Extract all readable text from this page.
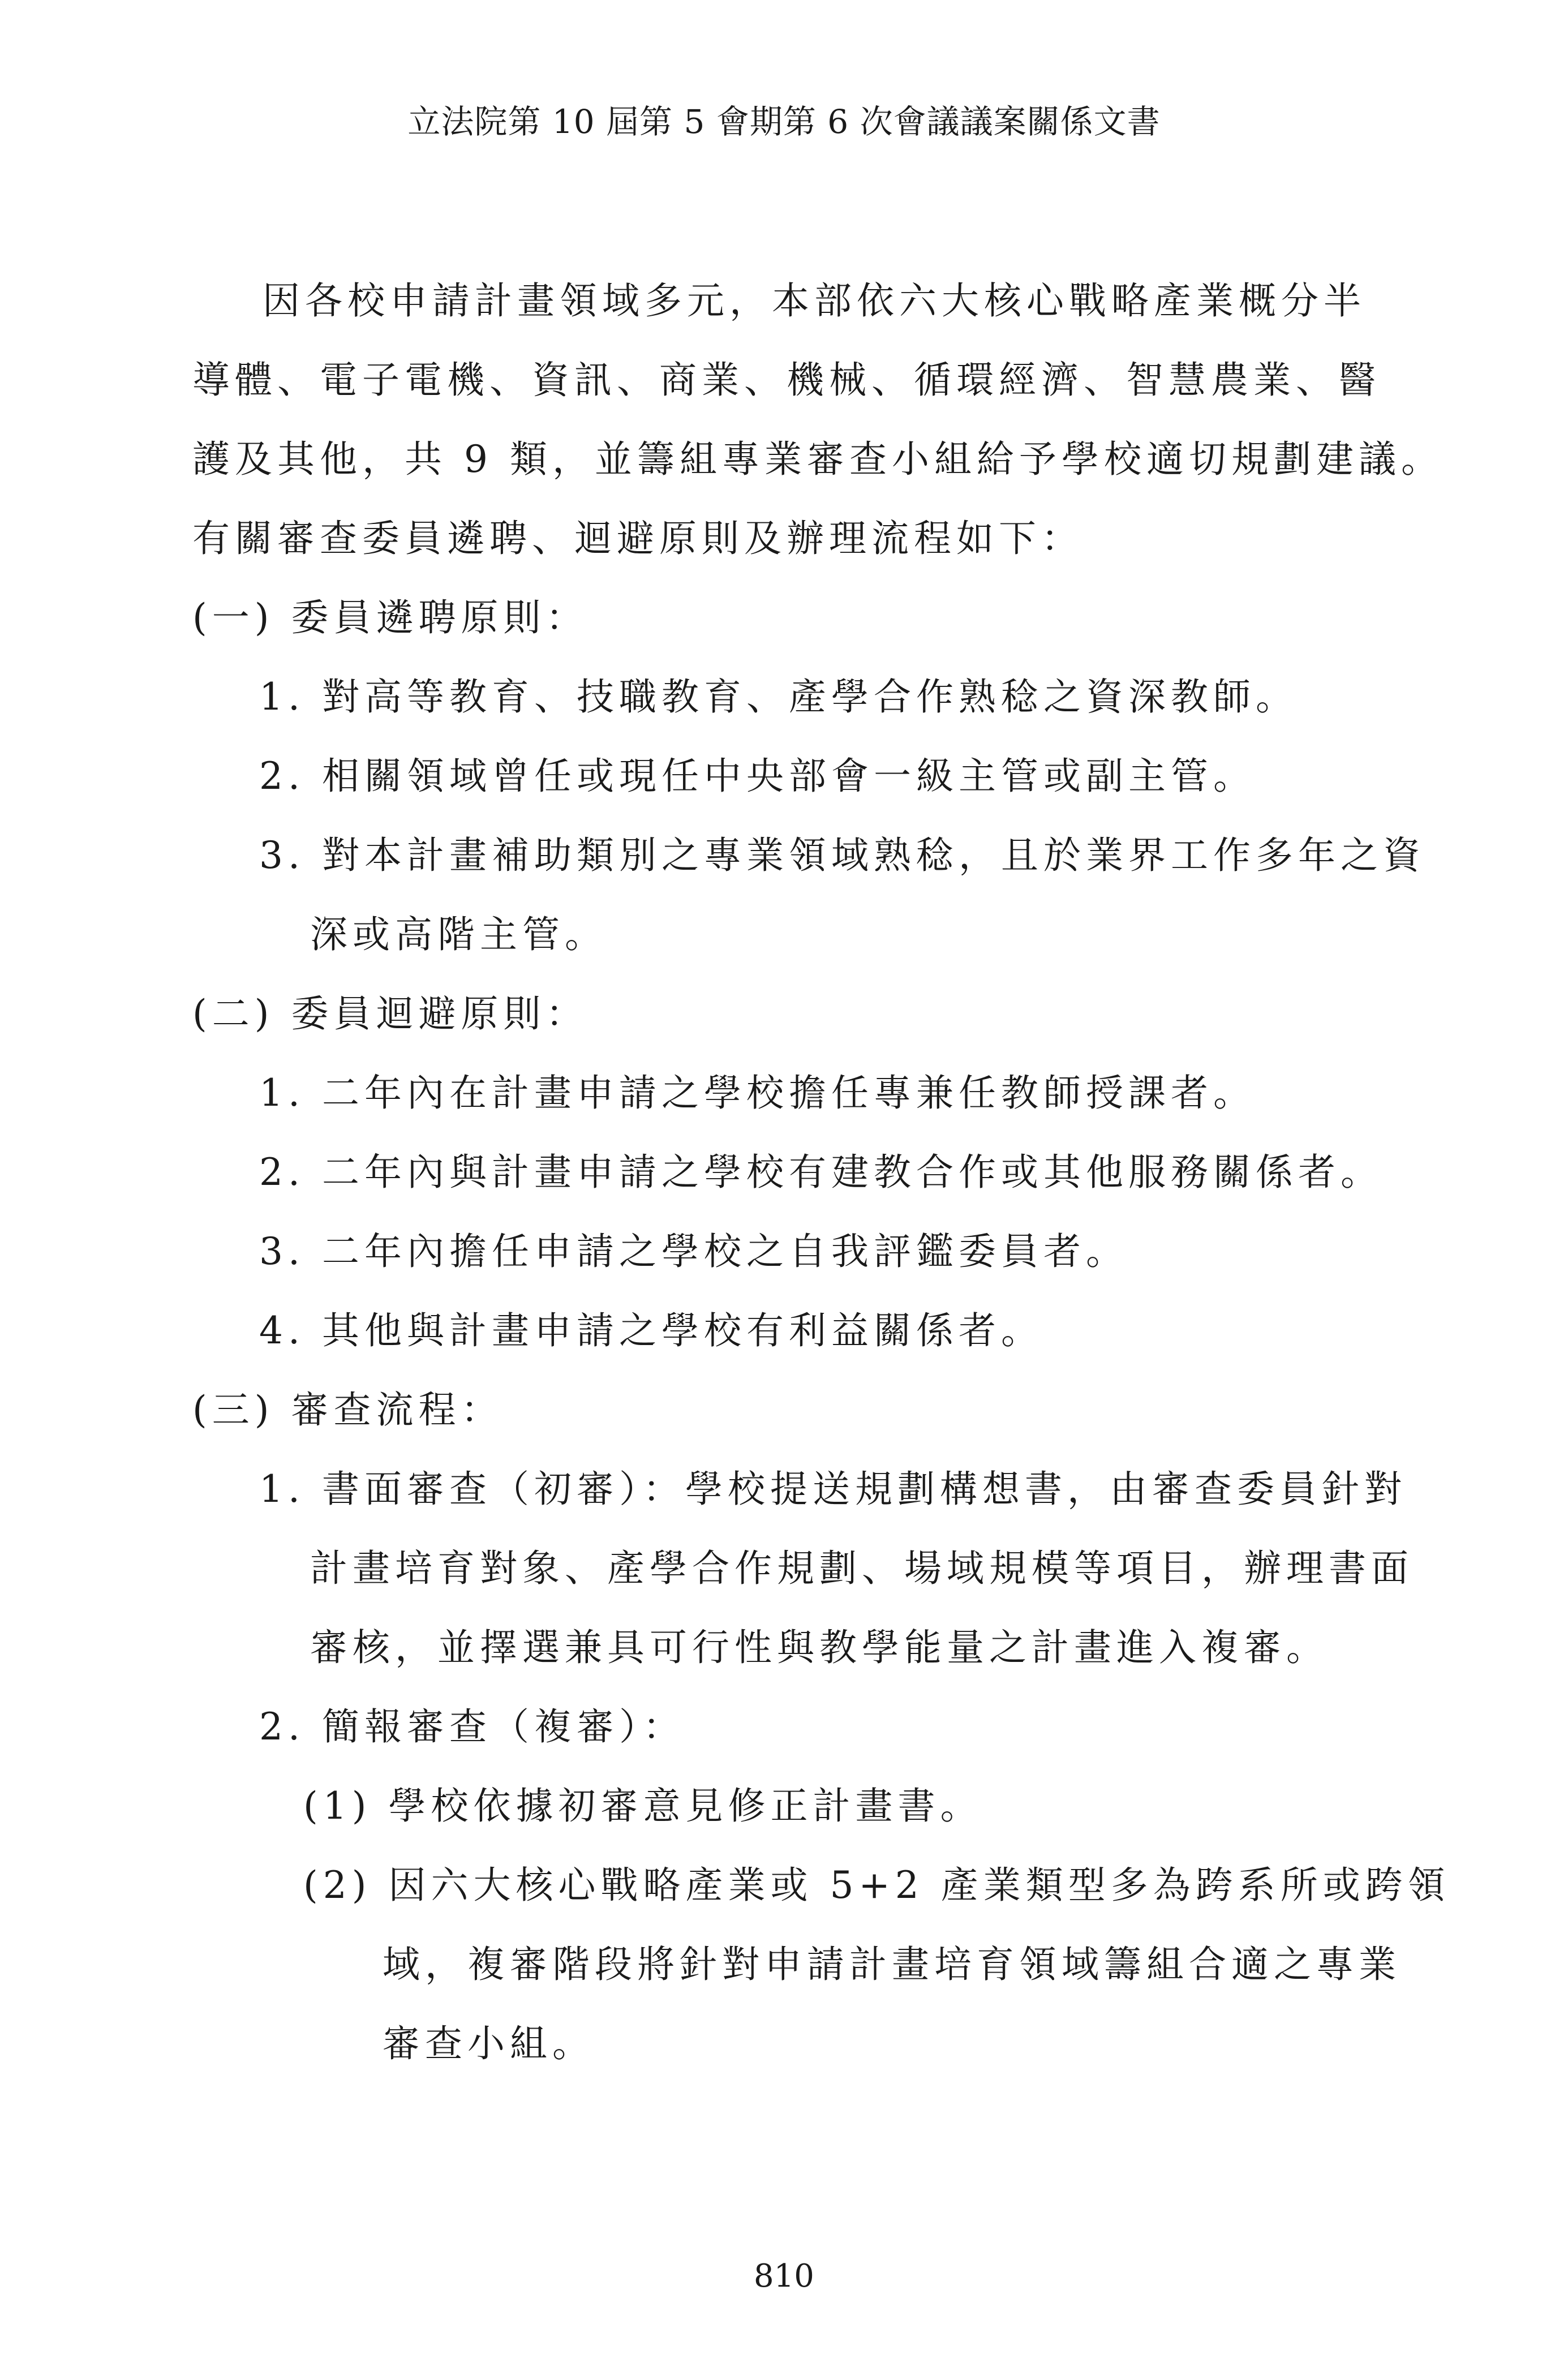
立法院第 10 屆第 5 會期第 6 次會議議案關係文書
因各校申請計畫領域多元，本部依六大核心戰略產業概分半
導體、電子電機、資訊、商業、機械、循環經濟、智慧農業、醫
護及其他，共 9 類，並籌組專業審查小組給予學校適切規劃建議。
有關審查委員遴聘、迴避原則及辦理流程如下：
(一) 委員遴聘原則：
1. 對高等教育、技職教育、產學合作熟稔之資深教師。
2. 相關領域曾任或現任中央部會一級主管或副主管。
3. 對本計畫補助類別之專業領域熟稔，且於業界工作多年之資
深或高階主管。
(二) 委員迴避原則：
1. 二年內在計畫申請之學校擔任專兼任教師授課者。
2. 二年內與計畫申請之學校有建教合作或其他服務關係者。
3. 二年內擔任申請之學校之自我評鑑委員者。
4. 其他與計畫申請之學校有利益關係者。
(三) 審查流程：
1. 書面審查（初審）：學校提送規劃構想書，由審查委員針對
計畫培育對象、產學合作規劃、場域規模等項目，辦理書面
審核，並擇選兼具可行性與教學能量之計畫進入複審。
2. 簡報審查（複審）：
(1) 學校依據初審意見修正計畫書。
(2) 因六大核心戰略產業或 5+2 產業類型多為跨系所或跨領
域，複審階段將針對申請計畫培育領域籌組合適之專業
審查小組。
810
